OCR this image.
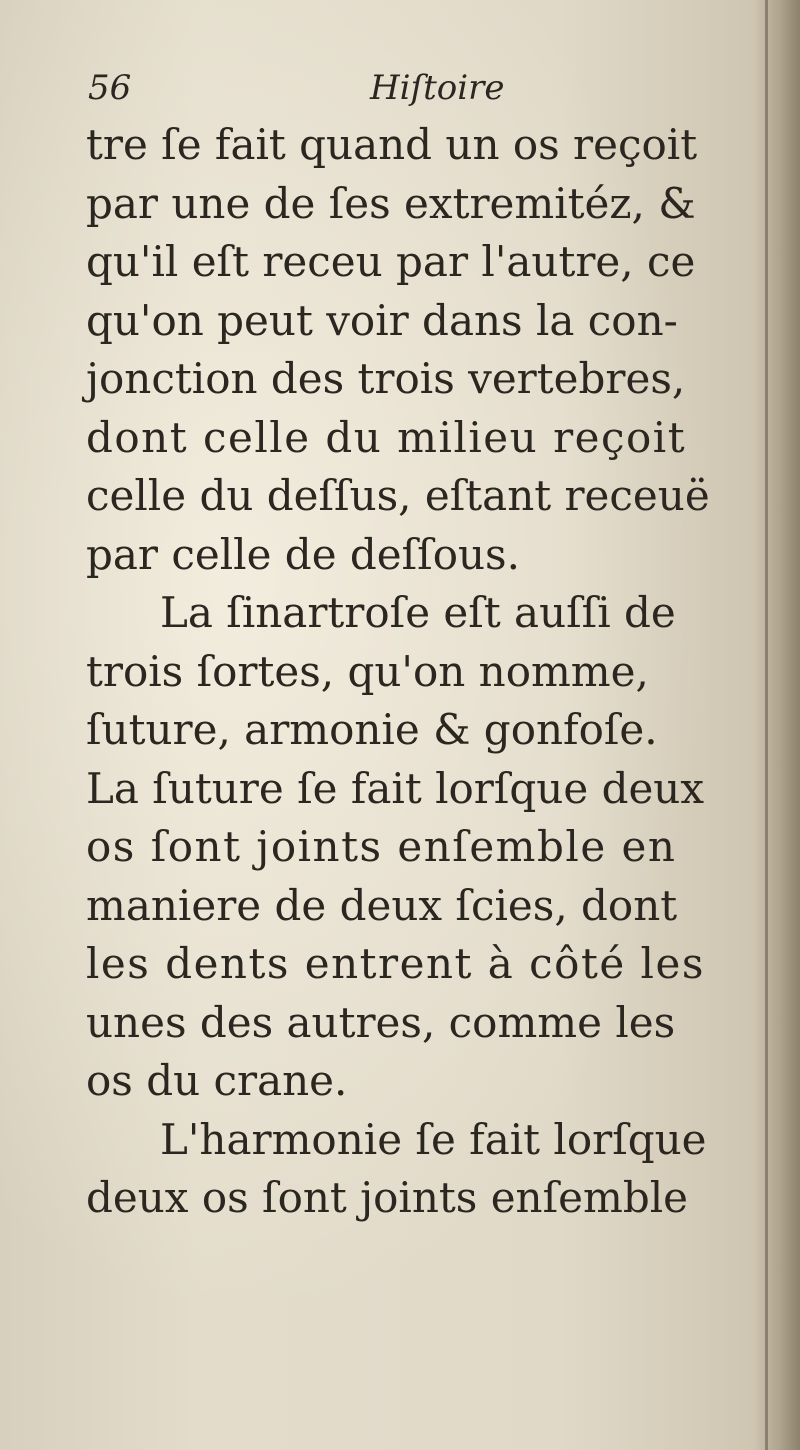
56	Hiſtoire
tre ſe fait quand un os reçoit
par une de ſes extremitéz, &
qu'il eſt receu par l'autre, ce
qu'on peut voir dans la con-
jonction des trois vertebres,
dont celle du milieu reçoit
celle du deſſus, eſtant receuë
par celle de deſſous.
La ſinartroſe eſt auſſi de
trois ſortes, qu'on nomme,
ſuture, armonie & gonfoſe.
La ſuture ſe fait lorſque deux
os ſont joints enſemble en
maniere de deux ſcies, dont
les dents entrent à côté les
unes des autres, comme les
os du crane.
L'harmonie ſe fait lorſque
deux os ſont joints enſemble
